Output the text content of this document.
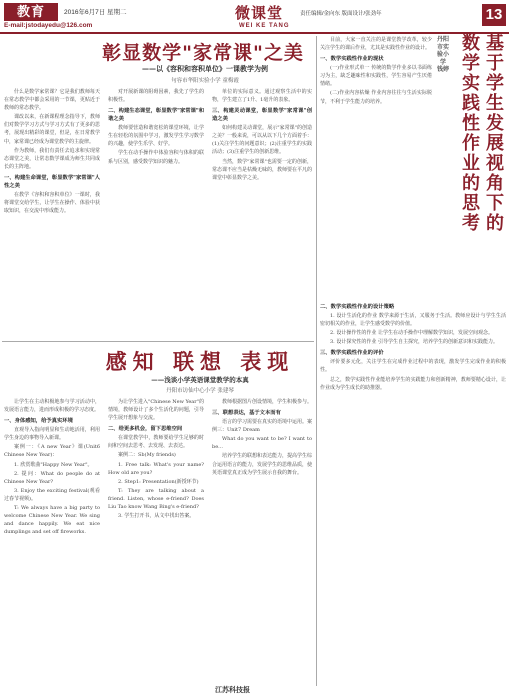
教育	2016年6月7日 星期二
E-mail:jstodayedu@126.com
微课堂
WEI KE TANG
责任编辑/金向东 版面设计/张劲年	13
彰显数学"家常课"之美
——以《容积和容积单位》一课教学为例
句容市华阳实验小学 童梅霞

什么是数学家常课？它是我们教师每天在常态教学中都会采用的一节课，更贴近于教师的常态教学。

课改以来，在新课程理念指导下，教师们对数学学习方式与学习方式有了更多的思考，展现出精彩的课堂，但是，在日常教学中，家常课已经成为课堂教学的主旋律。

作为教师，我们有责任去追求和实现常态课堂之美，让常态数学课成为师生共同成长的主阵地。

一、构建生命课堂，彰显数学"家常课"人性之美

在教学《容积和容积单位》一课时，我将课堂交给学生，让学生在操作、体验中获取知识，在交流中形成能力。

对开展新课的阻碍因素，我先了学生的积极性。

二、构建生态课堂，彰显数学"家常课"和谐之美

教师要营造和谐宽松的课堂环境，让学生在轻松的氛围中学习，激发学生学习数学的兴趣，使学生乐学、好学。

学生在动手操作中体验容积与体积的联系与区别，感受数学知识的魅力。

单位的实际意义。通过观察生活中的实物，学生建立了1升、1毫升的表象。

三、构建灵动课堂，彰显数学"家常课"创造之美

如何构建灵动课堂，展示"家常课"的创造之美？一般来说，可以从以下几个方面着手：(1)关注学生的问题意识；(2)注重学生的实践活动；(3)注重学生的创新思维。

当然，数学"家常课"也需要一定的创新，常态课不应当是枯燥无味的，教师要在平凡的课堂中彰显数学之美。

感知 联想 表现
——浅谈小学英语课堂教学的本真
丹阳市访仙中心小学 张建琴

让学生在主动积极地参与学习活动中，发展语言能力，进而形成积极的学习态度。

一、身体感知，给予真实环境

直观导入指向明显和生动地活用，利用学生身边的事物导入新课。

案例一：《A new Year》课(Unit6 Chinese New Year)：

1. 欣赏歌曲"Happy New Year"。

2. 提问：What do people do at Chinese New Year?

3. Enjoy the exciting festival(观看过春节视频)。

T: We always have a big party to welcome Chinese New Year. We sing and dance happily. We eat nice dumplings and set off fireworks.

为让学生进入"Chinese New Year"的情境，教师设计了多个生活化的问题，引导学生展开想象与交流。

二、给更多机会，留下思维空间

在课堂教学中，教师要给学生足够的时间和空间去思考、去发现、去表达。

案例二：Sb(My friends)

1. Free talk: What's your name? How old are you?

2. Step1: Presentation(新授环节)

T: They are talking about a friend. Listen, whose e-friend? Does Liu Tao know Wang Bing's e-friend?

3. 学生打开书，从文中找出答案。

教师根据图片创设情境，学生积极参与。

三、联想表达，基于文本而有

语言的学习需要在真实的语境中运用。案例三：Unit7 Dream

What do you want to be? I want to be...

培养学生的联想和表达能力，提高学生综合运用语言的能力，发展学生的思维品质，使英语课堂真正成为学生展示自我的舞台。

基于学生发展视角下的
数学实践性作业的思考
丹阳市实验小学 钱婷

目前，大家一直关注的是课堂教学改革，较少关注学生的课后作业，尤其是实践性作业的设计。

一、数学实践性作业的现状

(一)作业形式单一 传统的数学作业多以书面练习为主，缺乏趣味性和实践性，学生容易产生厌倦情绪。

(二)作业内容枯燥 作业内容往往与生活实际脱节，不利于学生能力的培养。

二、数学实践性作业的设计策略

1. 设计生活化的作业 数学来源于生活，又服务于生活。教师应设计与学生生活密切相关的作业，让学生感受数学的价值。

2. 设计操作性的作业 让学生在动手操作中理解数学知识，发展空间观念。

3. 设计探究性的作业 引导学生自主探究，培养学生的创新意识和实践能力。

三、数学实践性作业的评价

评价要多元化，关注学生在完成作业过程中的表现，激发学生完成作业的积极性。

总之，数学实践性作业能培养学生的实践能力和创新精神，教师要精心设计，让作业成为学生成长的助推器。

江苏科技报
